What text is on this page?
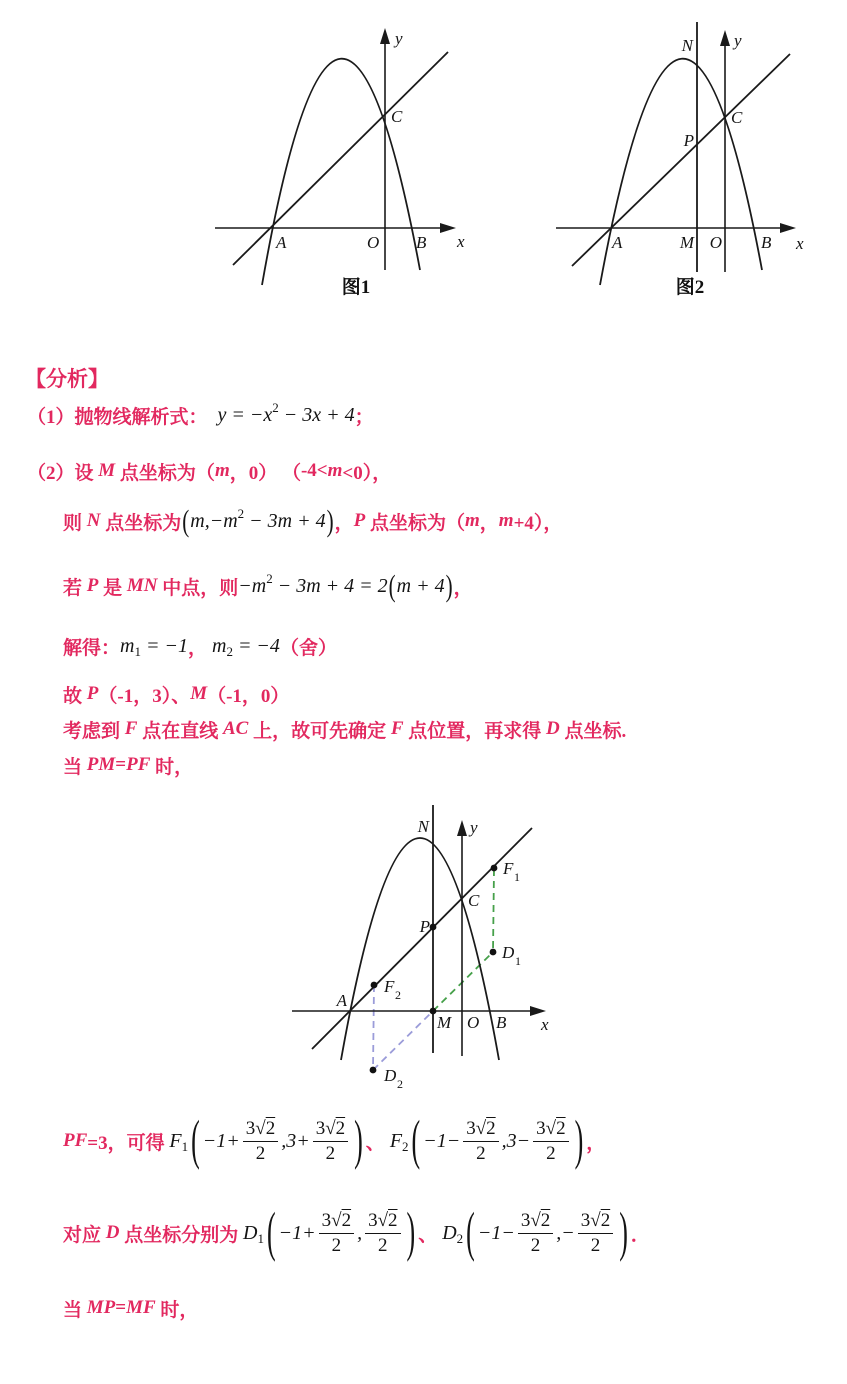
y
x
A	O B
C
图1
N y
x
A	M O B
C
P
图2
【分析】
（1）抛物线解析式： y = −x 2 − 3x + 4 ；
（2）设 M 点坐标为（ m ，0） （ -4< m <0），
则 N 点坐标为 ( m,−m 2 − 3m + 4 ) ， P 点坐标为（ m ， m +4），
若 P 是 MN 中点，则 −m 2 − 3m + 4 = 2 ( m + 4 ) ，
解得： m 1 = −1 ， m 2 = −4 （舍）
故 P （-1，3）、 M （-1，0）
考虑到 F 点在直线 AC 上，故可先确定 F 点位置，再求得 D 点坐标.
当 PM = PF 时，
N y
x
A
M O B
C
P
F 1
D 1
F 2
D 2
PF =3，可得 F 1 ( $-1+ \frac{3√2}{2}$ , $3+ \frac{3√2}{2}$ ) 、 F 2 ( $-1- \frac{3√2}{2}$ , $3- \frac{3√2}{2}$ ) ，
对应 D 点坐标分别为 D 1 ( $-1+ \frac{3√2}{2}$ , $\frac{3√2}{2}$ ) 、 D 2 ( $-1- \frac{3√2}{2}$ , − $\frac{3√2}{2}$ ) ．
当 MP = MF 时，
